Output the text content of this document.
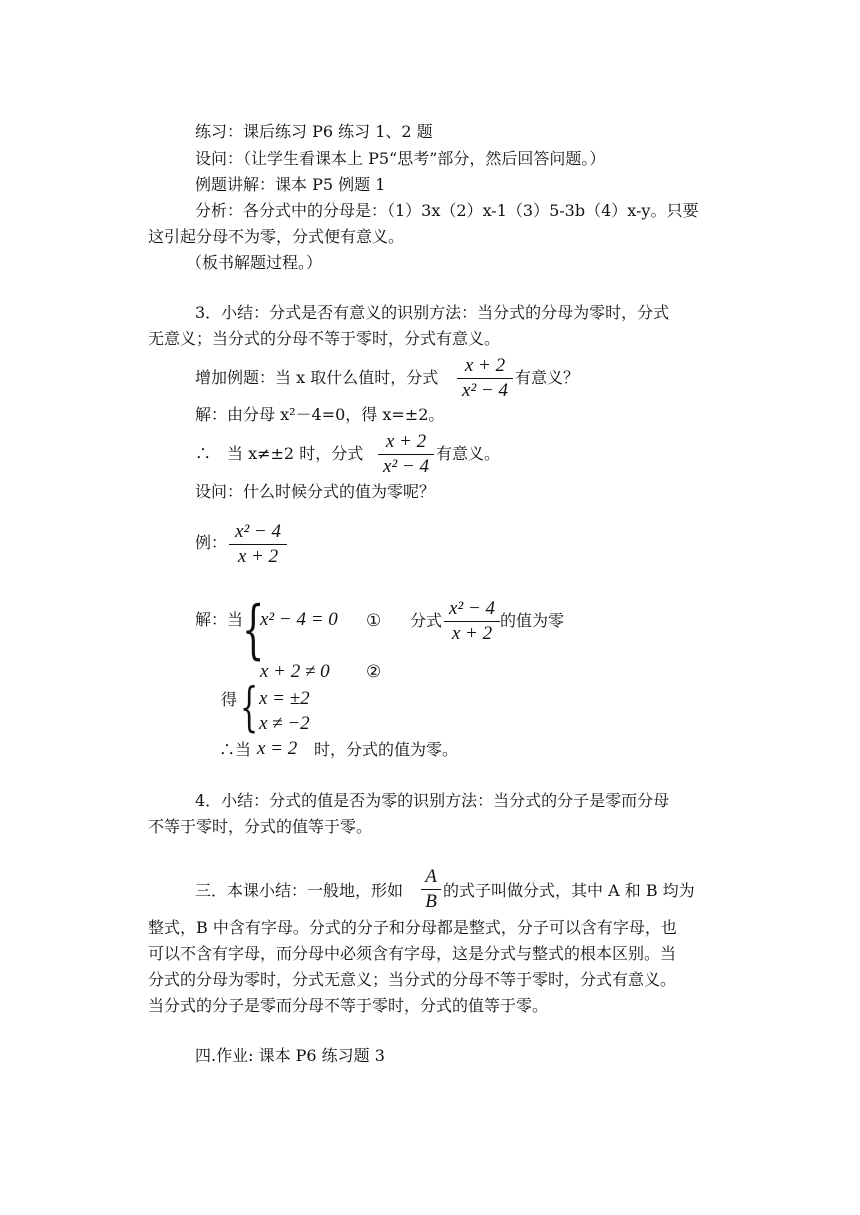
练习：课后练习 P6 练习 1、2 题
设问：（让学生看课本上 P5“思考”部分，然后回答问题。）
例题讲解：课本 P5 例题 1
分析：各分式中的分母是：（1）3x（2）x-1（3）5-3b（4）x-y。只要
这引起分母不为零，分式便有意义。
（板书解题过程。）
3．小结：分式是否有意义的识别方法：当分式的分母为零时，分式
无意义；当分式的分母不等于零时，分式有意义。
增加例题：当 x 取什么值时，分式
x + 2
x² − 4
有意义？
解：由分母 x²－4=0，得 x=±2。
∴　当 x≠±2 时，分式
x + 2
x² − 4
有意义。
设问：什么时候分式的值为零呢？
例：
x² − 4
x + 2
解：当
{
x² − 4 = 0 ①
x + 2 ≠ 0 ②
分式
x² − 4
x + 2
的值为零
得 { x = ±2
x ≠ −2
∴当 x = 2 时，分式的值为零。
4．小结：分式的值是否为零的识别方法：当分式的分子是零而分母
不等于零时，分式的值等于零。
三．本课小结：一般地，形如
A
B
的式子叫做分式，其中 A 和 B 均为
整式，B 中含有字母。分式的分子和分母都是整式，分子可以含有字母，也
可以不含有字母，而分母中必须含有字母，这是分式与整式的根本区别。当
分式的分母为零时，分式无意义；当分式的分母不等于零时，分式有意义。
当分式的分子是零而分母不等于零时，分式的值等于零。
四.作业: 课本 P6 练习题 3
